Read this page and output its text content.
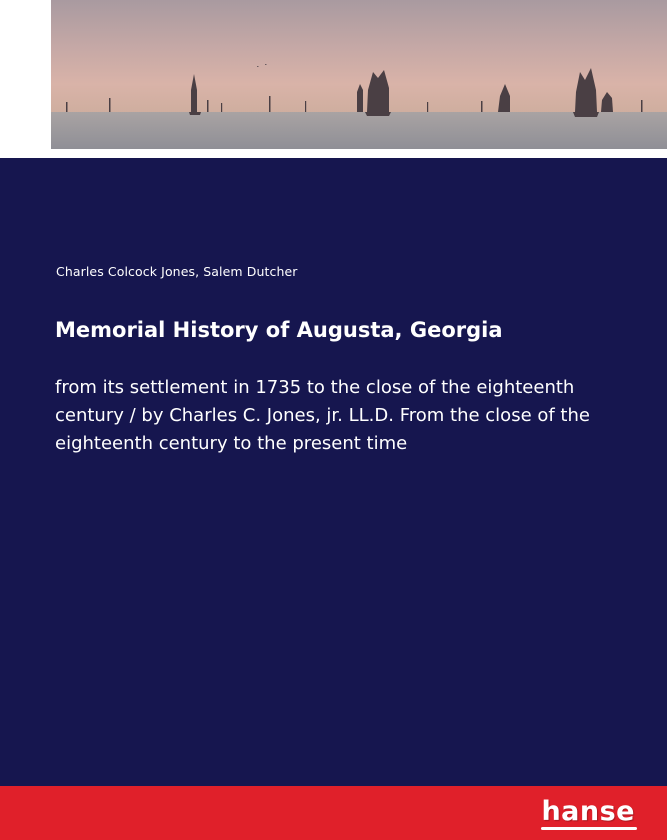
Charles Colcock Jones, Salem Dutcher
Memorial History of Augusta, Georgia
from its settlement in 1735 to the close of the eighteenth century / by Charles C. Jones, jr. LL.D. From the close of the eighteenth century to the present time
hanse
